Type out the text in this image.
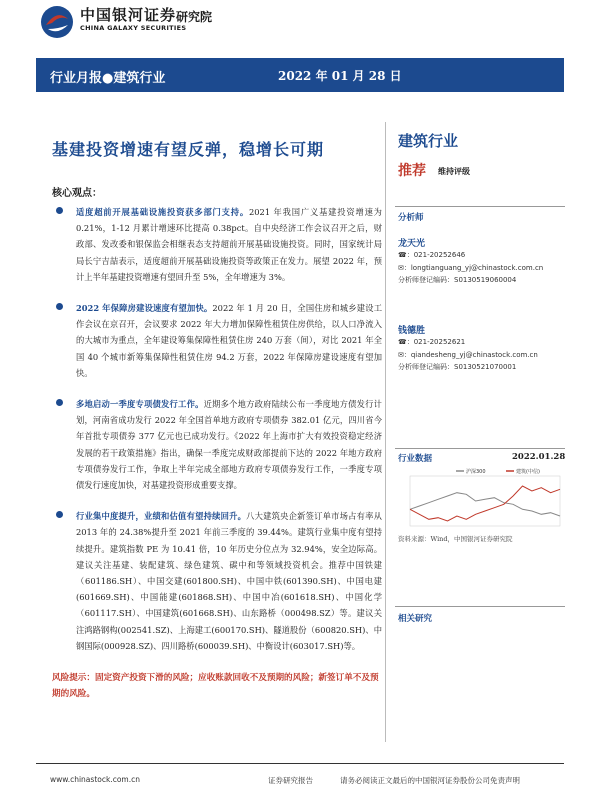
中国银河证券
CHINA GALAXY SECURITIES
研究院
行业月报●建筑行业	2022 年 01 月 28 日
基建投资增速有望反弹，稳增长可期
核心观点：
适度超前开展基础设施投资获多部门支持。2021 年我国广义基建投资增速为 0.21%，1-12 月累计增速环比提高 0.38pct。自中央经济工作会议召开之后，财政部、发改委和银保监会相继表态支持超前开展基础设施投资。同时，国家统计局局长宁吉喆表示，适度超前开展基础设施投资等政策正在发力。展望 2022 年，预计上半年基建投资增速有望回升至 5%，全年增速为 3%。
2022 年保障房建设速度有望加快。2022 年 1 月 20 日，全国住房和城乡建设工作会议在京召开，会议要求 2022 年大力增加保障性租赁住房供给，以人口净流入的大城市为重点，全年建设筹集保障性租赁住房 240 万套（间），对比 2021 年全国 40 个城市新筹集保障性租赁住房 94.2 万套，2022 年保障房建设速度有望加快。
多地启动一季度专项债发行工作。近期多个地方政府陆续公布一季度地方债发行计划，河南省成功发行 2022 年全国首单地方政府专项债券 382.01 亿元，四川省今年首批专项债券 377 亿元也已成功发行。《2022 年上海市扩大有效投资稳定经济发展的若干政策措施》指出，确保一季度完成财政部提前下达的 2022 年地方政府专项债券发行工作，争取上半年完成全部地方政府专项债券发行工作，一季度专项债发行速度加快，对基建投资形成重要支撑。
行业集中度提升，业绩和估值有望持续回升。八大建筑央企新签订单市场占有率从 2013 年的 24.38%提升至 2021 年前三季度的 39.44%。建筑行业集中度有望持续提升。建筑指数 PE 为 10.41 倍，10 年历史分位点为 32.94%，安全边际高。建议关注基建、装配建筑、绿色建筑、碳中和等领域投资机会。推荐中国铁建（601186.SH）、中国交建(601800.SH)、中国中铁(601390.SH)、中国电建(601669.SH)、中国能建(601868.SH)、中国中冶(601618.SH)、中国化学（601117.SH）、中国建筑(601668.SH)、山东路桥（000498.SZ）等。建议关注鸿路钢构(002541.SZ)、上海建工(600170.SH)、隧道股份（600820.SH)、中钢国际(000928.SZ)、四川路桥(600039.SH)、中衡设计(603017.SH)等。
风险提示：固定资产投资下滑的风险；应收账款回收不及预期的风险；新签订单不及预期的风险。
建筑行业
推荐 维持评级
分析师
龙天光
☎：021-20252646
✉：longtianguang_yj@chinastock.com.cn
分析师登记编码：S0130519060004
钱德胜
☎：021-20252621
✉：qiandesheng_yj@chinastock.com.cn
分析师登记编码：S0130521070001
行业数据	2022.01.28
沪深300	建筑(中信)
资料来源：Wind，中国银河证券研究院
相关研究
www.chinastock.com.cn	证券研究报告	请务必阅读正文最后的中国银河证券股份公司免责声明
